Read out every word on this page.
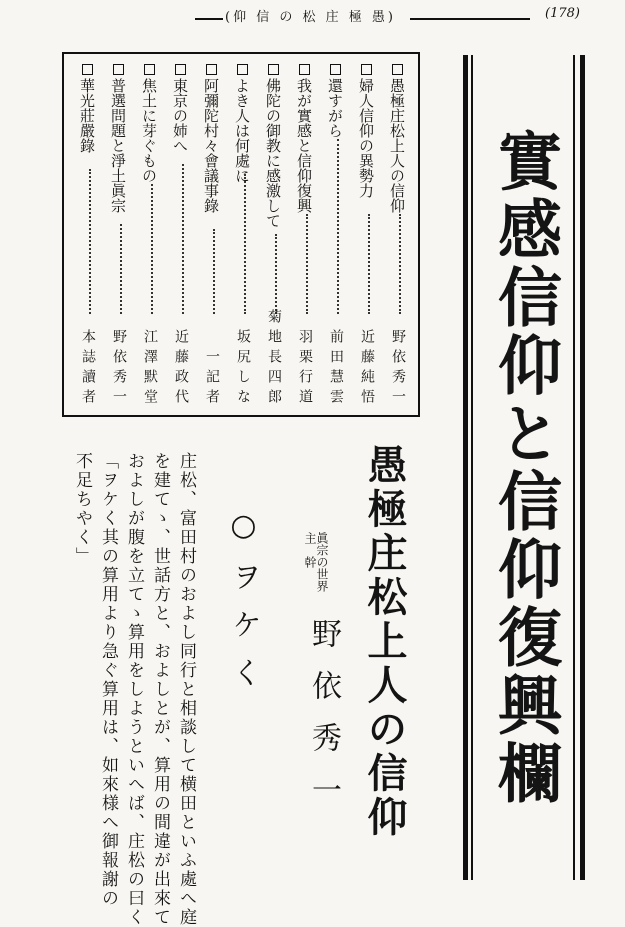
(仰 信 の 松 庄 極 愚)	(178)
愚極庄松上人の信仰
野依秀一
婦人信仰の異勢力
近藤純悟
還すがら
前田慧雲
我が實感と信仰復興
羽栗行道
佛陀の御教に感激して
菊地長四郎
よき人は何處に
坂尻しな
阿彌陀村々會議事錄
一記者
東京の姉へ
近藤政代
焦土に芽ぐもの
江澤默堂
普選問題と淨土眞宗
野依秀一
華光莊嚴錄
本誌讀者	實感信仰と信仰復興欄
愚極庄松上人の信仰
眞宗の世界
主　幹
野依秀一
○ヲケく
庄松、富田村のおよし同行と相談して横田といふ處へ庭
を建てゝ、世話方と、およしとが、算用の間違が出來て
およしが腹を立てゝ算用をしようといへば、庄松の曰く
「ヲケく其の算用より急ぐ算用は、如來様へ御報謝の
不足ちやく」
